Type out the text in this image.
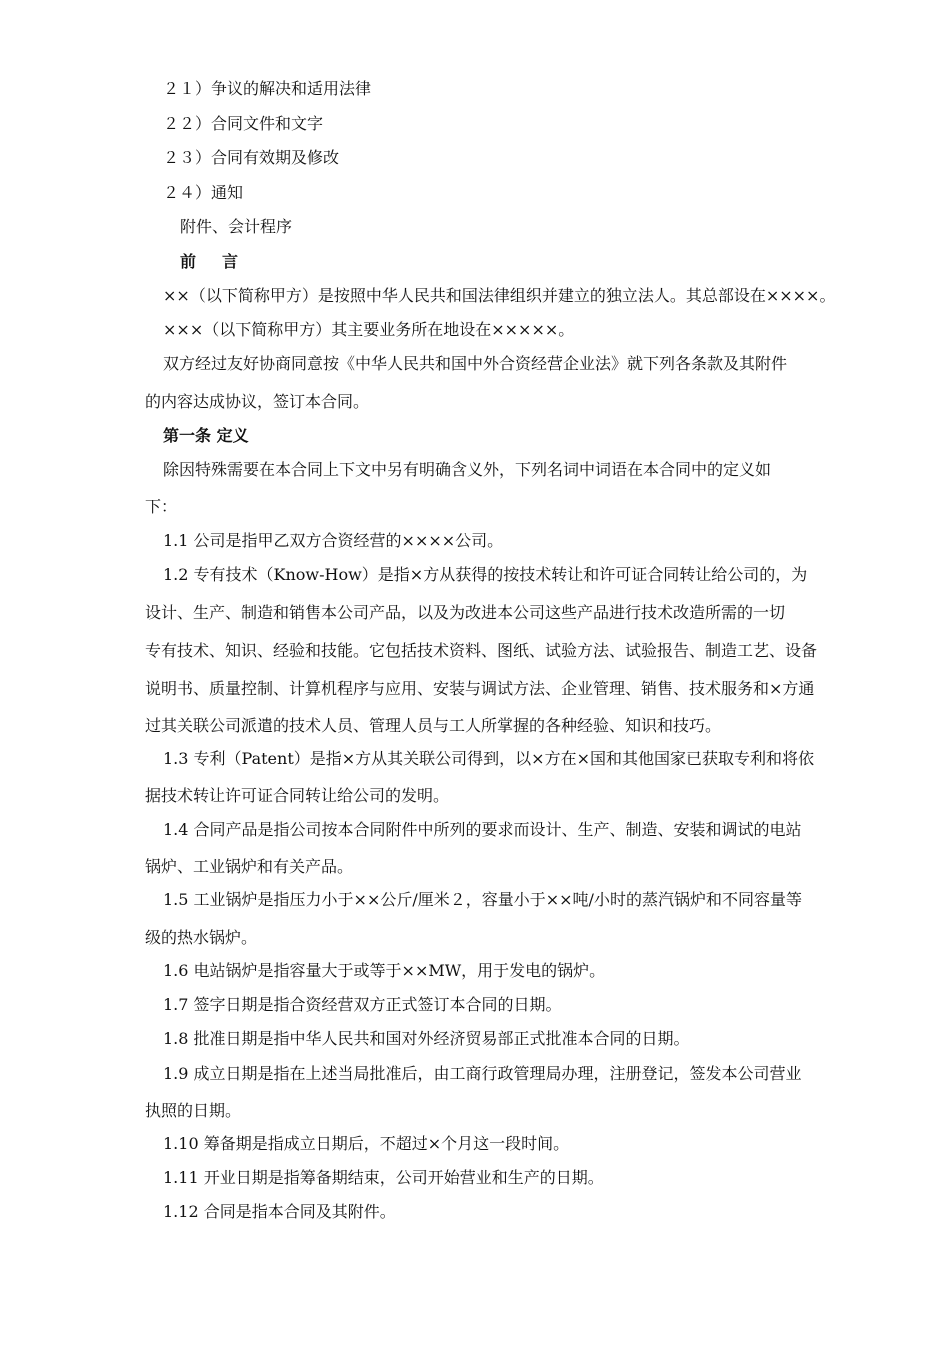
２１）争议的解决和适用法律
２２）合同文件和文字
２３）合同有效期及修改
２４）通知
附件、会计程序
前 言
××（以下简称甲方）是按照中华人民共和国法律组织并建立的独立法人。其总部设在××××。
×××（以下简称甲方）其主要业务所在地设在×××××。
双方经过友好协商同意按《中华人民共和国中外合资经营企业法》就下列各条款及其附件
的内容达成协议，签订本合同。
第一条 定义
除因特殊需要在本合同上下文中另有明确含义外，下列名词中词语在本合同中的定义如
下：
1.1 公司是指甲乙双方合资经营的××××公司。
1.2 专有技术（Know-How）是指×方从获得的按技术转让和许可证合同转让给公司的，为
设计、生产、制造和销售本公司产品，以及为改进本公司这些产品进行技术改造所需的一切
专有技术、知识、经验和技能。它包括技术资料、图纸、试验方法、试验报告、制造工艺、设备
说明书、质量控制、计算机程序与应用、安装与调试方法、企业管理、销售、技术服务和×方通
过其关联公司派遣的技术人员、管理人员与工人所掌握的各种经验、知识和技巧。
1.3 专利（Patent）是指×方从其关联公司得到，以×方在×国和其他国家已获取专利和将依
据技术转让许可证合同转让给公司的发明。
1.4 合同产品是指公司按本合同附件中所列的要求而设计、生产、制造、安装和调试的电站
锅炉、工业锅炉和有关产品。
1.5 工业锅炉是指压力小于××公斤/厘米２，容量小于××吨/小时的蒸汽锅炉和不同容量等
级的热水锅炉。
1.6 电站锅炉是指容量大于或等于××MW，用于发电的锅炉。
1.7 签字日期是指合资经营双方正式签订本合同的日期。
1.8 批准日期是指中华人民共和国对外经济贸易部正式批准本合同的日期。
1.9 成立日期是指在上述当局批准后，由工商行政管理局办理，注册登记，签发本公司营业
执照的日期。
1.10 筹备期是指成立日期后，不超过×个月这一段时间。
1.11 开业日期是指筹备期结束，公司开始营业和生产的日期。
1.12 合同是指本合同及其附件。
